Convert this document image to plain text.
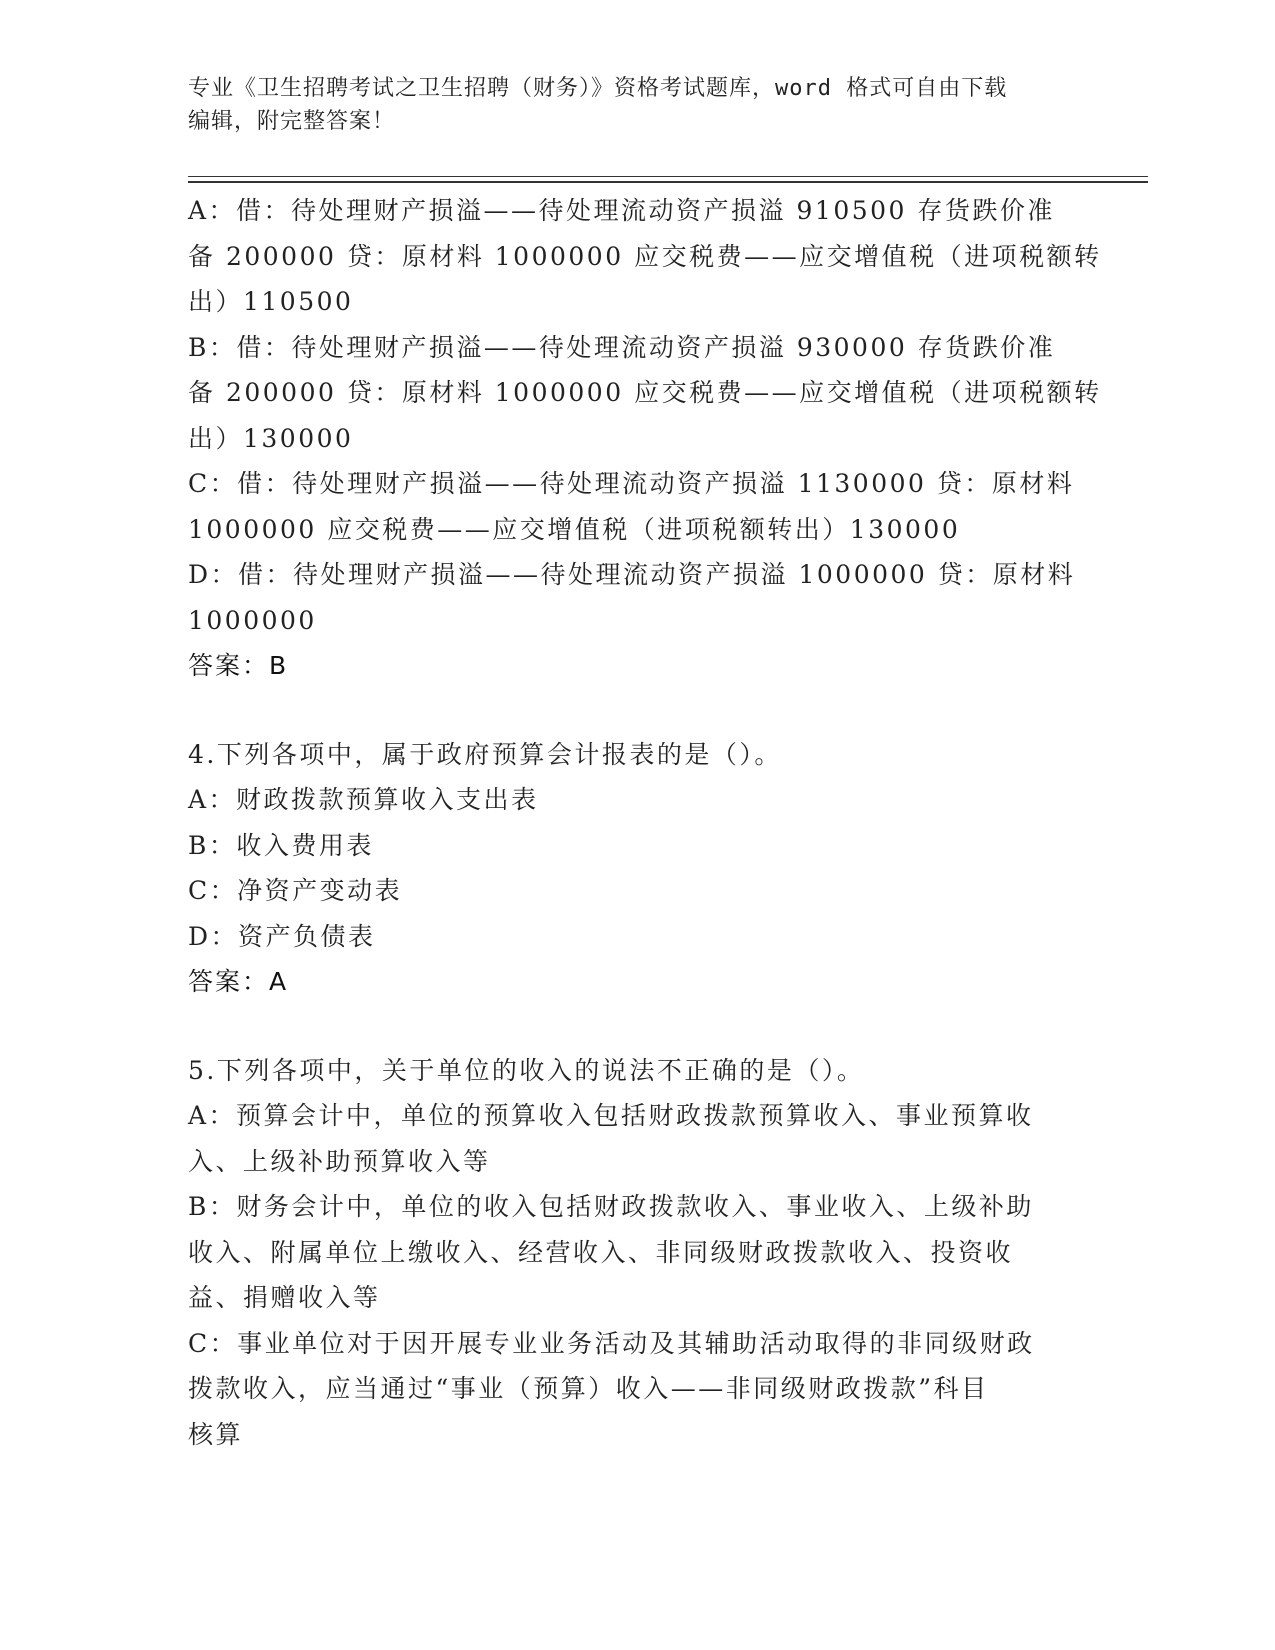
专业《卫生招聘考试之卫生招聘（财务）》资格考试题库，word 格式可自由下载
编辑，附完整答案！
A：借：待处理财产损溢——待处理流动资产损溢 910500 存货跌价准
备 200000 贷：原材料 1000000 应交税费——应交增值税（进项税额转
出）110500
B：借：待处理财产损溢——待处理流动资产损溢 930000 存货跌价准
备 200000 贷：原材料 1000000 应交税费——应交增值税（进项税额转
出）130000
C：借：待处理财产损溢——待处理流动资产损溢 1130000 贷：原材料
1000000 应交税费——应交增值税（进项税额转出）130000
D：借：待处理财产损溢——待处理流动资产损溢 1000000 贷：原材料
1000000
答案：B
4.下列各项中，属于政府预算会计报表的是（）。
A：财政拨款预算收入支出表
B：收入费用表
C：净资产变动表
D：资产负债表
答案：A
5.下列各项中，关于单位的收入的说法不正确的是（）。
A：预算会计中，单位的预算收入包括财政拨款预算收入、事业预算收
入、上级补助预算收入等
B：财务会计中，单位的收入包括财政拨款收入、事业收入、上级补助
收入、附属单位上缴收入、经营收入、非同级财政拨款收入、投资收
益、捐赠收入等
C：事业单位对于因开展专业业务活动及其辅助活动取得的非同级财政
拨款收入，应当通过“事业（预算）收入——非同级财政拨款”科目
核算
